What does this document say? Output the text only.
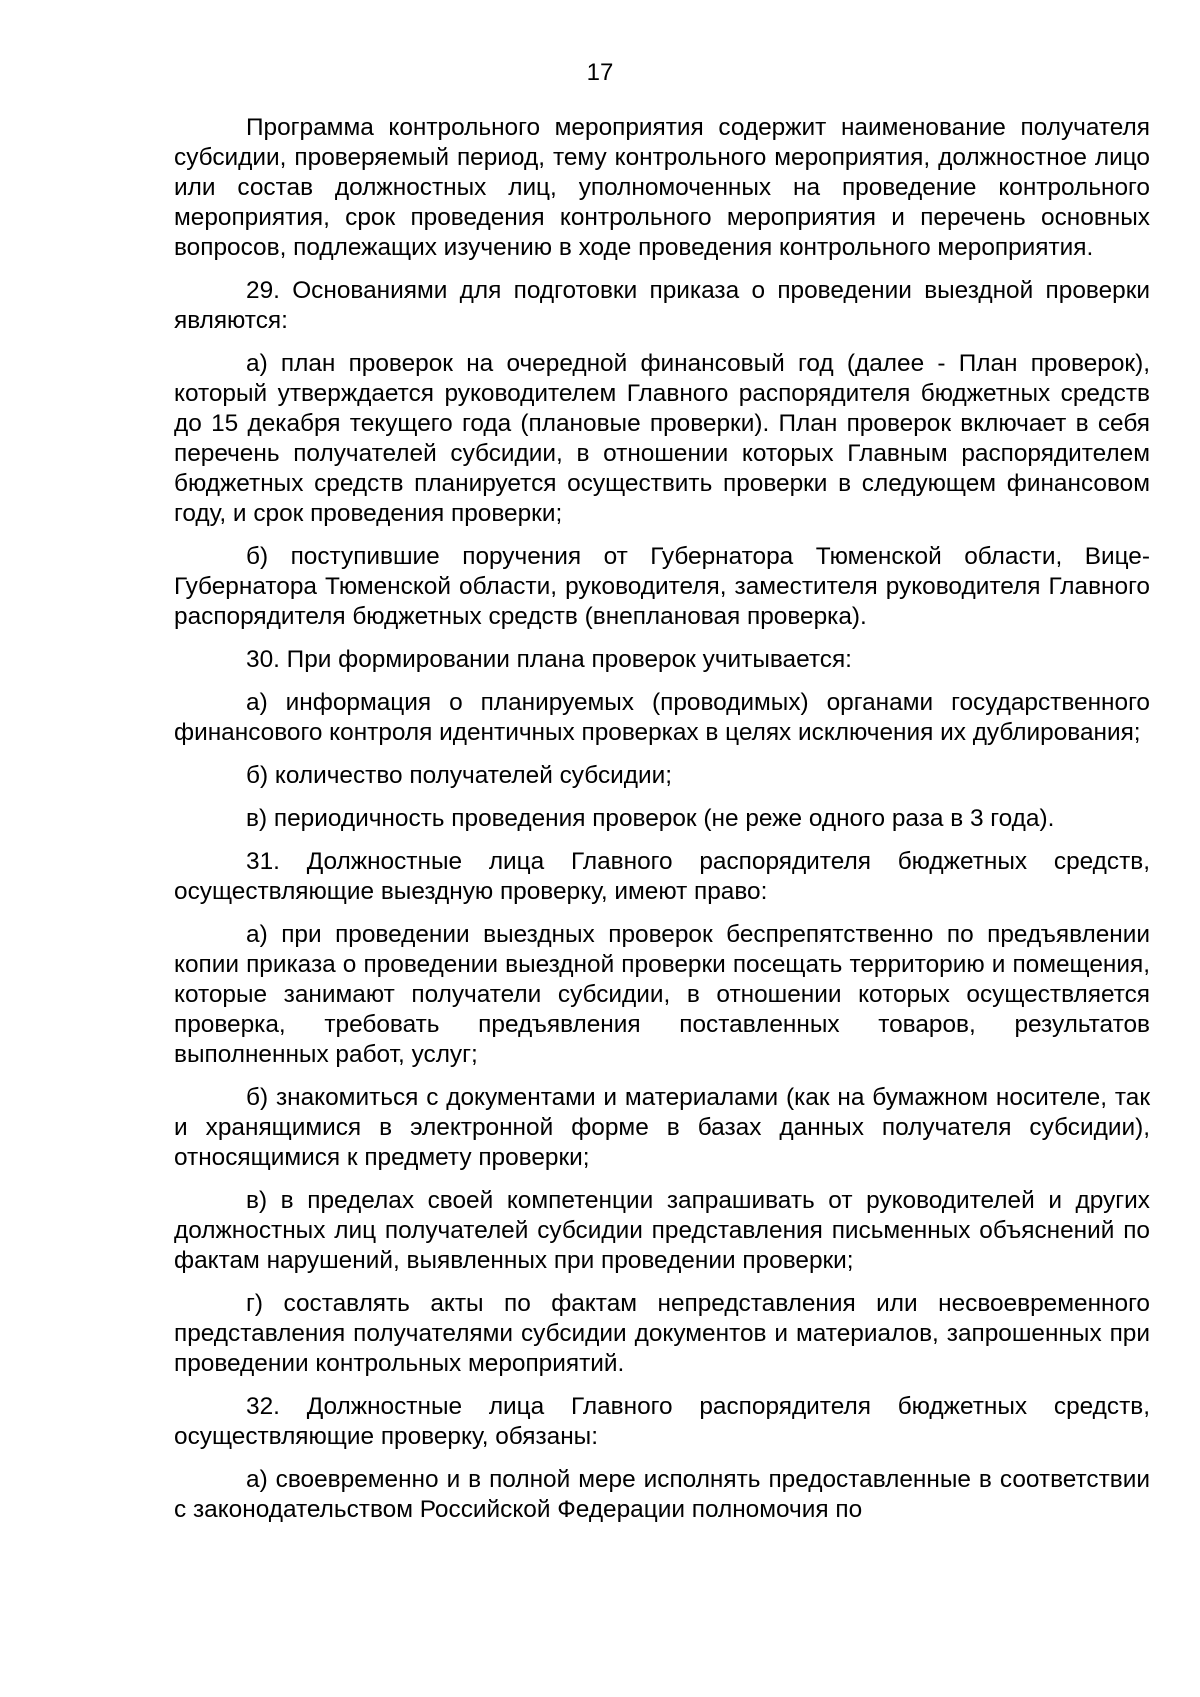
17

Программа контрольного мероприятия содержит наименование получателя субсидии, проверяемый период, тему контрольного мероприятия, должностное лицо или состав должностных лиц, уполномоченных на проведение контрольного мероприятия, срок проведения контрольного мероприятия и перечень основных вопросов, подлежащих изучению в ходе проведения контрольного мероприятия.

29. Основаниями для подготовки приказа о проведении выездной проверки являются:

а) план проверок на очередной финансовый год (далее - План проверок), который утверждается руководителем Главного распорядителя бюджетных средств до 15 декабря текущего года (плановые проверки). План проверок включает в себя перечень получателей субсидии, в отношении которых Главным распорядителем бюджетных средств планируется осуществить проверки в следующем финансовом году, и срок проведения проверки;

б) поступившие поручения от Губернатора Тюменской области, Вице-Губернатора Тюменской области, руководителя, заместителя руководителя Главного распорядителя бюджетных средств (внеплановая проверка).

30. При формировании плана проверок учитывается:

а) информация о планируемых (проводимых) органами государственного финансового контроля идентичных проверках в целях исключения их дублирования;

б) количество получателей субсидии;

в) периодичность проведения проверок (не реже одного раза в 3 года).

31. Должностные лица Главного распорядителя бюджетных средств, осуществляющие выездную проверку, имеют право:

а) при проведении выездных проверок беспрепятственно по предъявлении копии приказа о проведении выездной проверки посещать территорию и помещения, которые занимают получатели субсидии, в отношении которых осуществляется проверка, требовать предъявления поставленных товаров, результатов выполненных работ, услуг;

б) знакомиться с документами и материалами (как на бумажном носителе, так и хранящимися в электронной форме в базах данных получателя субсидии), относящимися к предмету проверки;

в) в пределах своей компетенции запрашивать от руководителей и других должностных лиц получателей субсидии представления письменных объяснений по фактам нарушений, выявленных при проведении проверки;

г) составлять акты по фактам непредставления или несвоевременного представления получателями субсидии документов и материалов, запрошенных при проведении контрольных мероприятий.

32. Должностные лица Главного распорядителя бюджетных средств, осуществляющие проверку, обязаны:

а) своевременно и в полной мере исполнять предоставленные в соответствии с законодательством Российской Федерации полномочия по
